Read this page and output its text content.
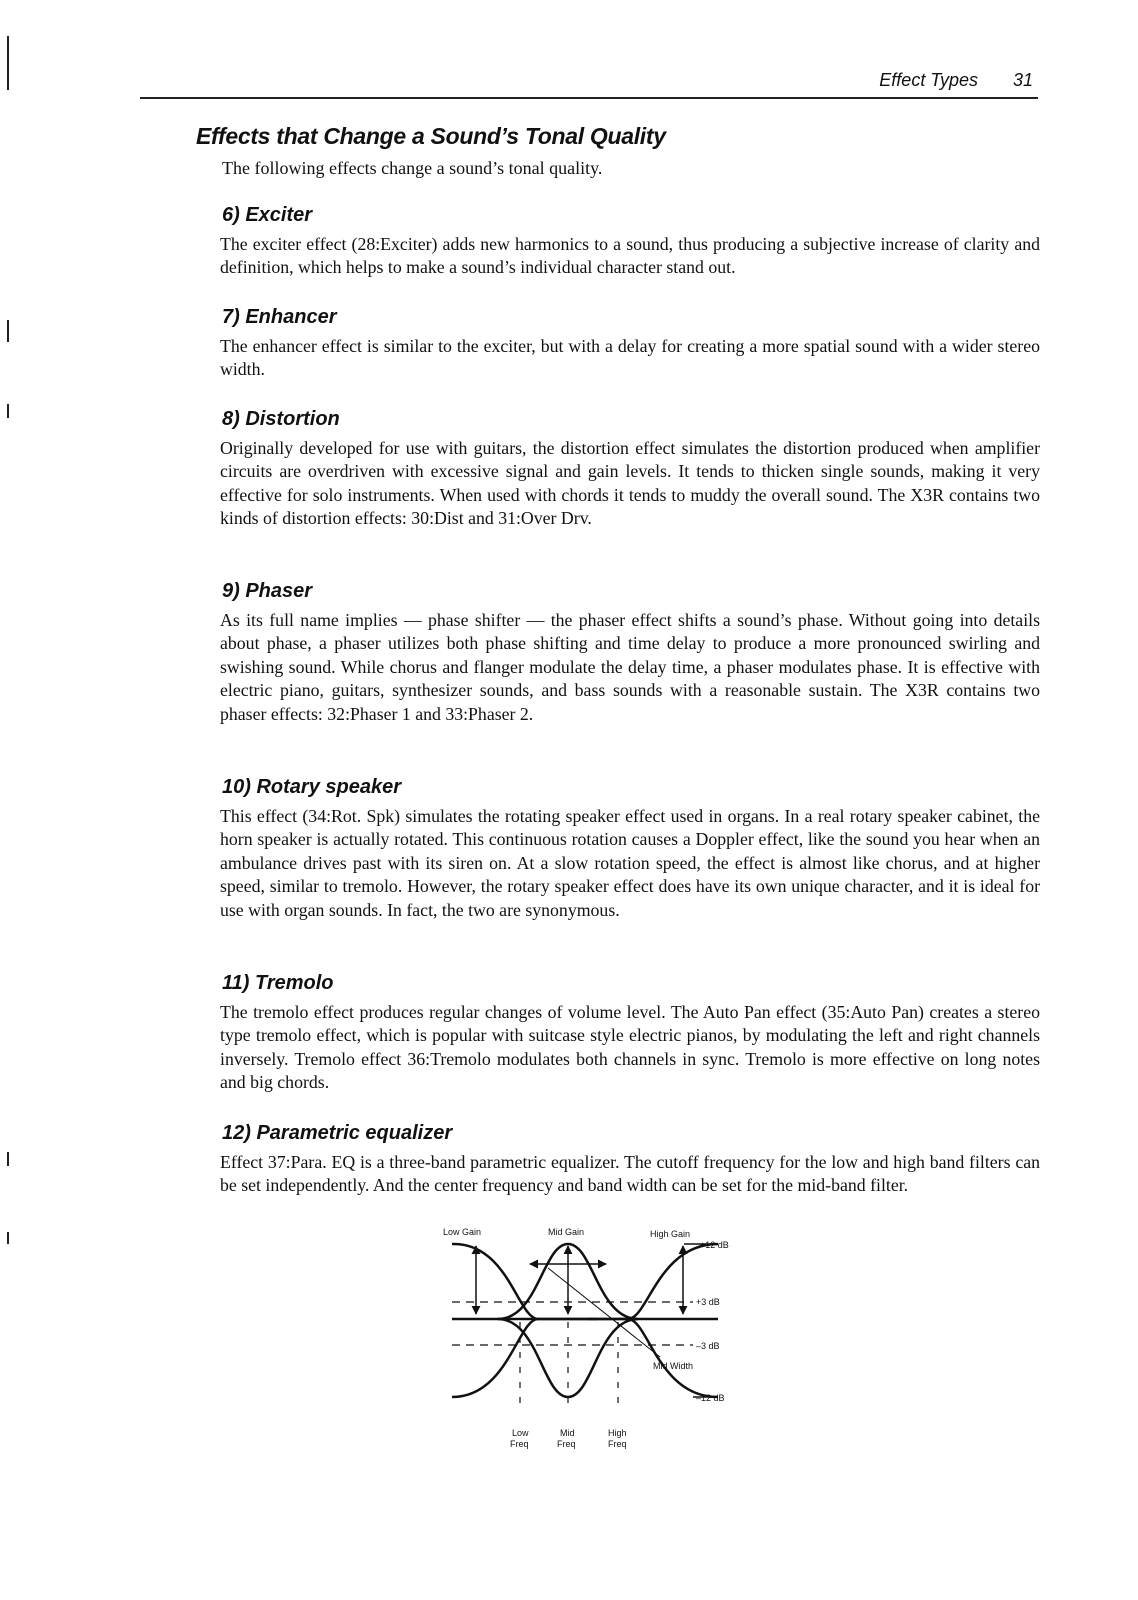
Effect Types 31
Effects that Change a Sound’s Tonal Quality
The following effects change a sound’s tonal quality.
6) Exciter
The exciter effect (28:Exciter) adds new harmonics to a sound, thus producing a subjective increase of clarity and definition, which helps to make a sound’s individual character stand out.
7) Enhancer
The enhancer effect is similar to the exciter, but with a delay for creating a more spatial sound with a wider stereo width.
8) Distortion
Originally developed for use with guitars, the distortion effect simulates the distortion produced when amplifier circuits are overdriven with excessive signal and gain levels. It tends to thicken single sounds, making it very effective for solo instruments. When used with chords it tends to muddy the overall sound. The X3R contains two kinds of distortion effects: 30:Dist and 31:Over Drv.
9) Phaser
As its full name implies — phase shifter — the phaser effect shifts a sound’s phase. Without going into details about phase, a phaser utilizes both phase shifting and time delay to produce a more pronounced swirling and swishing sound. While chorus and flanger modulate the delay time, a phaser modulates phase. It is effective with electric piano, guitars, synthesizer sounds, and bass sounds with a reasonable sustain. The X3R contains two phaser effects: 32:Phaser 1 and 33:Phaser 2.
10) Rotary speaker
This effect (34:Rot. Spk) simulates the rotating speaker effect used in organs. In a real rotary speaker cabinet, the horn speaker is actually rotated. This continuous rotation causes a Doppler effect, like the sound you hear when an ambulance drives past with its siren on. At a slow rotation speed, the effect is almost like chorus, and at higher speed, similar to tremolo. However, the rotary speaker effect does have its own unique character, and it is ideal for use with organ sounds. In fact, the two are synonymous.
11) Tremolo
The tremolo effect produces regular changes of volume level. The Auto Pan effect (35:Auto Pan) creates a stereo type tremolo effect, which is popular with suitcase style electric pianos, by modulating the left and right channels inversely. Tremolo effect 36:Tremolo modulates both channels in sync. Tremolo is more effective on long notes and big chords.
12) Parametric equalizer
Effect 37:Para. EQ is a three-band parametric equalizer. The cutoff frequency for the low and high band filters can be set independently. And the center frequency and band width can be set for the mid-band filter.
Low Gain	Mid Gain	High Gain
+12 dB
+3 dB
–3 dB
Mid Width
–12 dB
Low
Freq
Mid
Freq
High
Freq
